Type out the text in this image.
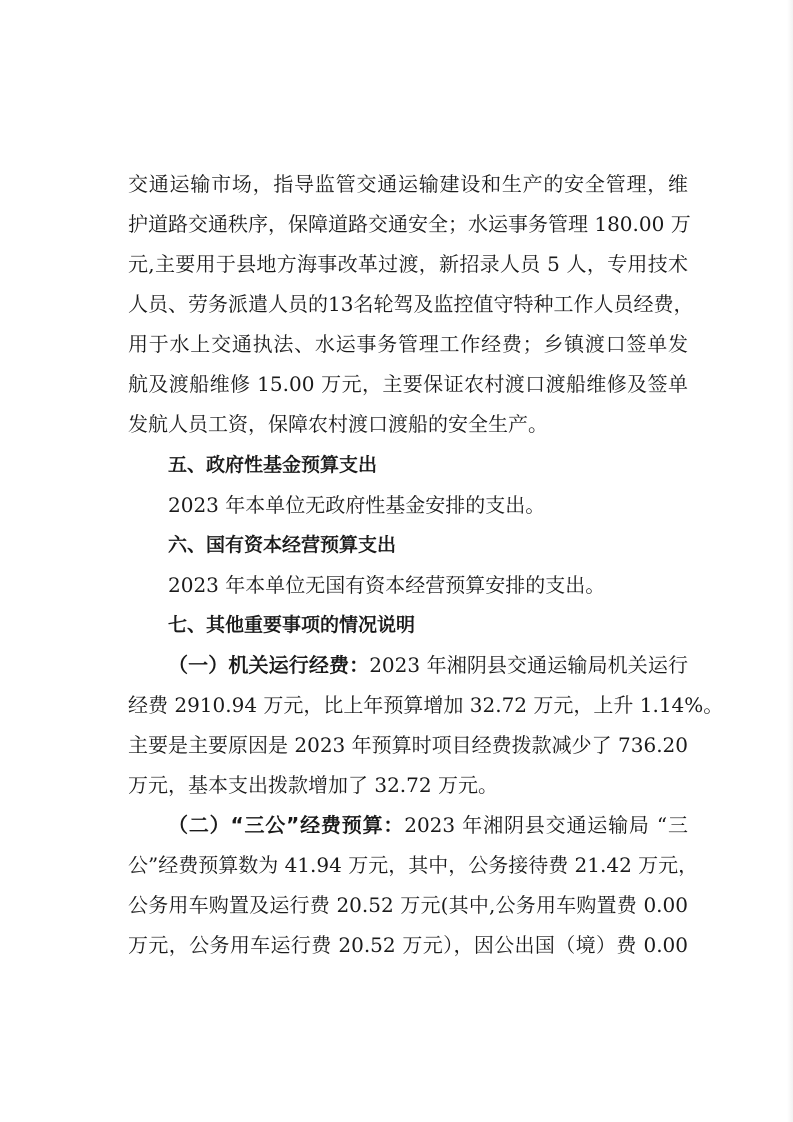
交通运输市场，指导监管交通运输建设和生产的安全管理，维
护道路交通秩序，保障道路交通安全；水运事务管理 180.00 万
元,主要用于县地方海事改革过渡，新招录人员 5 人，专用技术
人员、劳务派遣人员的13名轮驾及监控值守特种工作人员经费，
用于水上交通执法、水运事务管理工作经费；乡镇渡口签单发
航及渡船维修 15.00 万元，主要保证农村渡口渡船维修及签单
发航人员工资，保障农村渡口渡船的安全生产。
五、政府性基金预算支出
2023 年本单位无政府性基金安排的支出。
六、国有资本经营预算支出
2023 年本单位无国有资本经营预算安排的支出。
七、其他重要事项的情况说明
（一）机关运行经费：2023 年湘阴县交通运输局机关运行
经费 2910.94 万元，比上年预算增加 32.72 万元，上升 1.14%。
主要是主要原因是 2023 年预算时项目经费拨款减少了 736.20
万元，基本支出拨款增加了 32.72 万元。
（二）“三公”经费预算：2023 年湘阴县交通运输局 “三
公”经费预算数为 41.94 万元，其中，公务接待费 21.42 万元，
公务用车购置及运行费 20.52 万元(其中,公务用车购置费 0.00
万元，公务用车运行费 20.52 万元），因公出国（境）费 0.00
